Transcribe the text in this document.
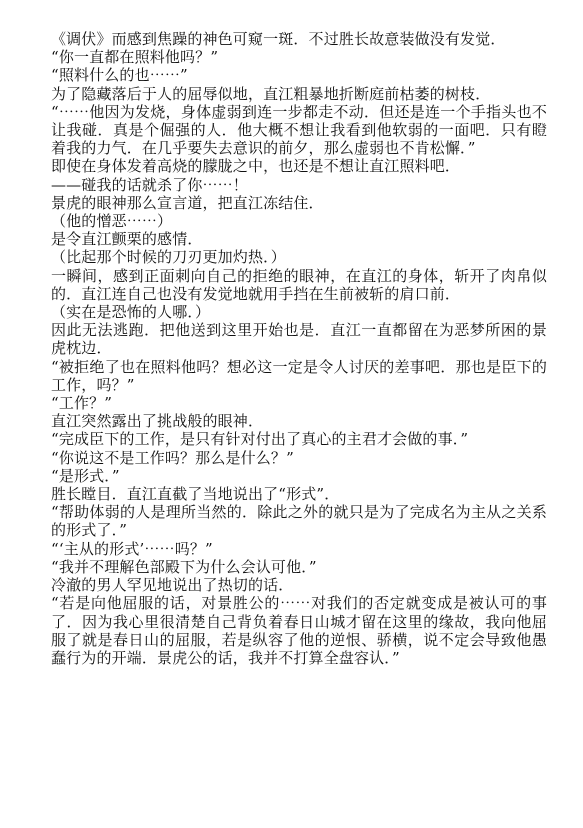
《调伏》而感到焦躁的神色可窥一斑．不过胜长故意装做没有发觉．

“你一直都在照料他吗？”

“照料什么的也⋯⋯”

为了隐藏落后于人的屈辱似地，直江粗暴地折断庭前枯萎的树枝．

“⋯⋯他因为发烧，身体虚弱到连一步都走不动．但还是连一个手指头也不让我碰．真是个倔强的人．他大概不想让我看到他软弱的一面吧．只有瞪着我的力气．在几乎要失去意识的前夕，那么虚弱也不肯松懈．”

即使在身体发着高烧的朦胧之中，也还是不想让直江照料吧．

——碰我的话就杀了你⋯⋯！

景虎的眼神那么宣言道，把直江冻结住．

（他的憎恶⋯⋯）

是令直江颤栗的感情．

（比起那个时候的刀刃更加灼热．）

一瞬间，感到正面刺向自己的拒绝的眼神，在直江的身体，斩开了肉帛似的．直江连自己也没有发觉地就用手挡在生前被斩的肩口前．

（实在是恐怖的人哪．）

因此无法逃跑．把他送到这里开始也是．直江一直都留在为恶梦所困的景虎枕边．

“被拒绝了也在照料他吗？想必这一定是令人讨厌的差事吧．那也是臣下的工作，吗？”

“工作？”

直江突然露出了挑战般的眼神．

“完成臣下的工作，是只有针对付出了真心的主君才会做的事．”

“你说这不是工作吗？那么是什么？”

“是形式．”

胜长瞠目．直江直截了当地说出了“形式”．

“帮助体弱的人是理所当然的．除此之外的就只是为了完成名为主从之关系的形式了．”

“‘主从的形式’⋯⋯吗？”

“我并不理解色部殿下为什么会认可他．”

冷澈的男人罕见地说出了热切的话．

“若是向他屈服的话，对景胜公的⋯⋯对我们的否定就变成是被认可的事了．因为我心里很清楚自己背负着春日山城才留在这里的缘故，我向他屈服了就是春日山的屈服，若是纵容了他的逆恨、骄横，说不定会导致他愚蠢行为的开端．景虎公的话，我并不打算全盘容认．”
